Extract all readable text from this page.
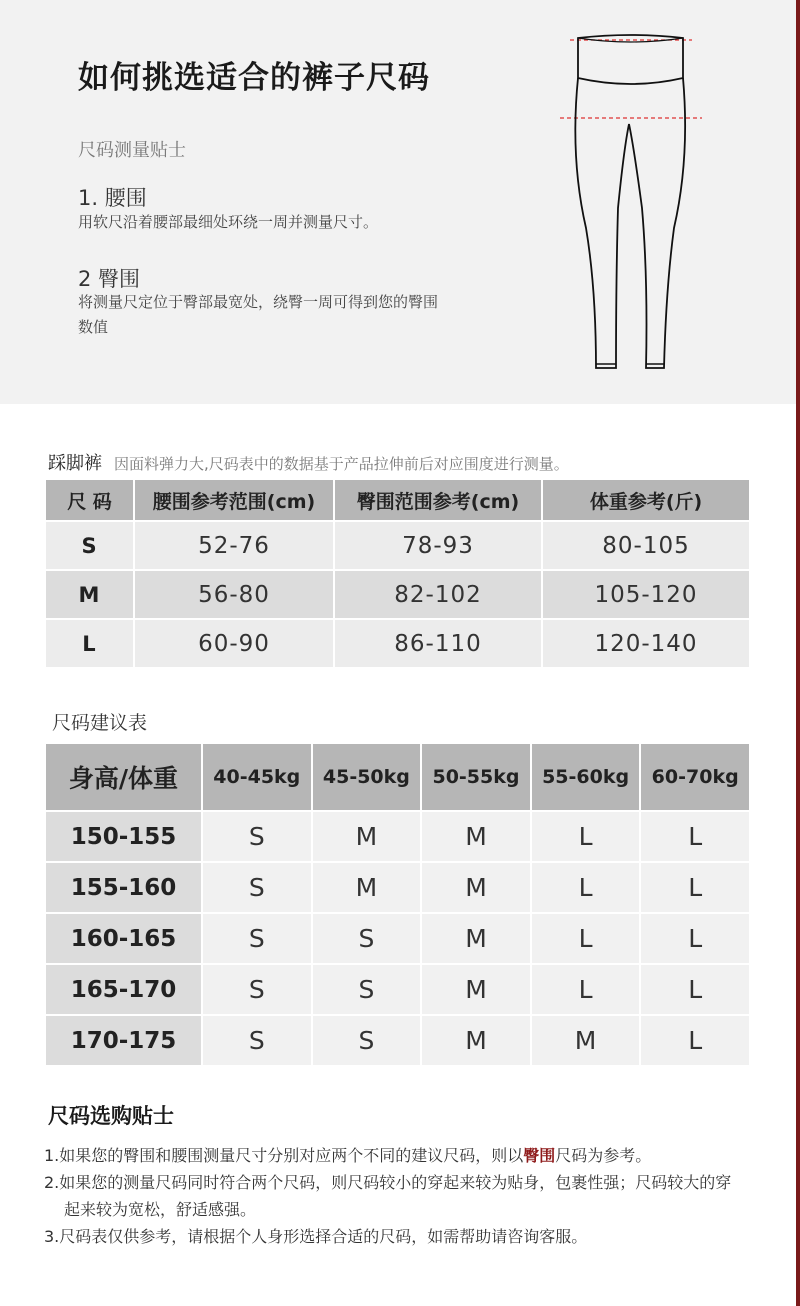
如何挑选适合的裤子尺码
尺码测量贴士
1. 腰围
用软尺沿着腰部最细处环绕一周并测量尺寸。
2 臀围
将测量尺定位于臀部最宽处，绕臀一周可得到您的臀围数值
踩脚裤 因面料弹力大,尺码表中的数据基于产品拉伸前后对应围度进行测量。
尺 码	腰围参考范围(cm)	臀围范围参考(cm)	体重参考(斤)
S	52-76	78-93	80-105
M	56-80	82-102	105-120
L	60-90	86-110	120-140
尺码建议表
身高/体重	40-45kg	45-50kg	50-55kg	55-60kg	60-70kg
150-155	S	M	M	L	L
155-160	S	M	M	L	L
160-165	S	S	M	L	L
165-170	S	S	M	L	L
170-175	S	S	M	M	L
尺码选购贴士
1.如果您的臀围和腰围测量尺寸分别对应两个不同的建议尺码，则以臀围尺码为参考。
2.如果您的测量尺码同时符合两个尺码，则尺码较小的穿起来较为贴身，包裹性强；尺码较大的穿起来较为宽松，舒适感强。
3.尺码表仅供参考，请根据个人身形选择合适的尺码，如需帮助请咨询客服。
